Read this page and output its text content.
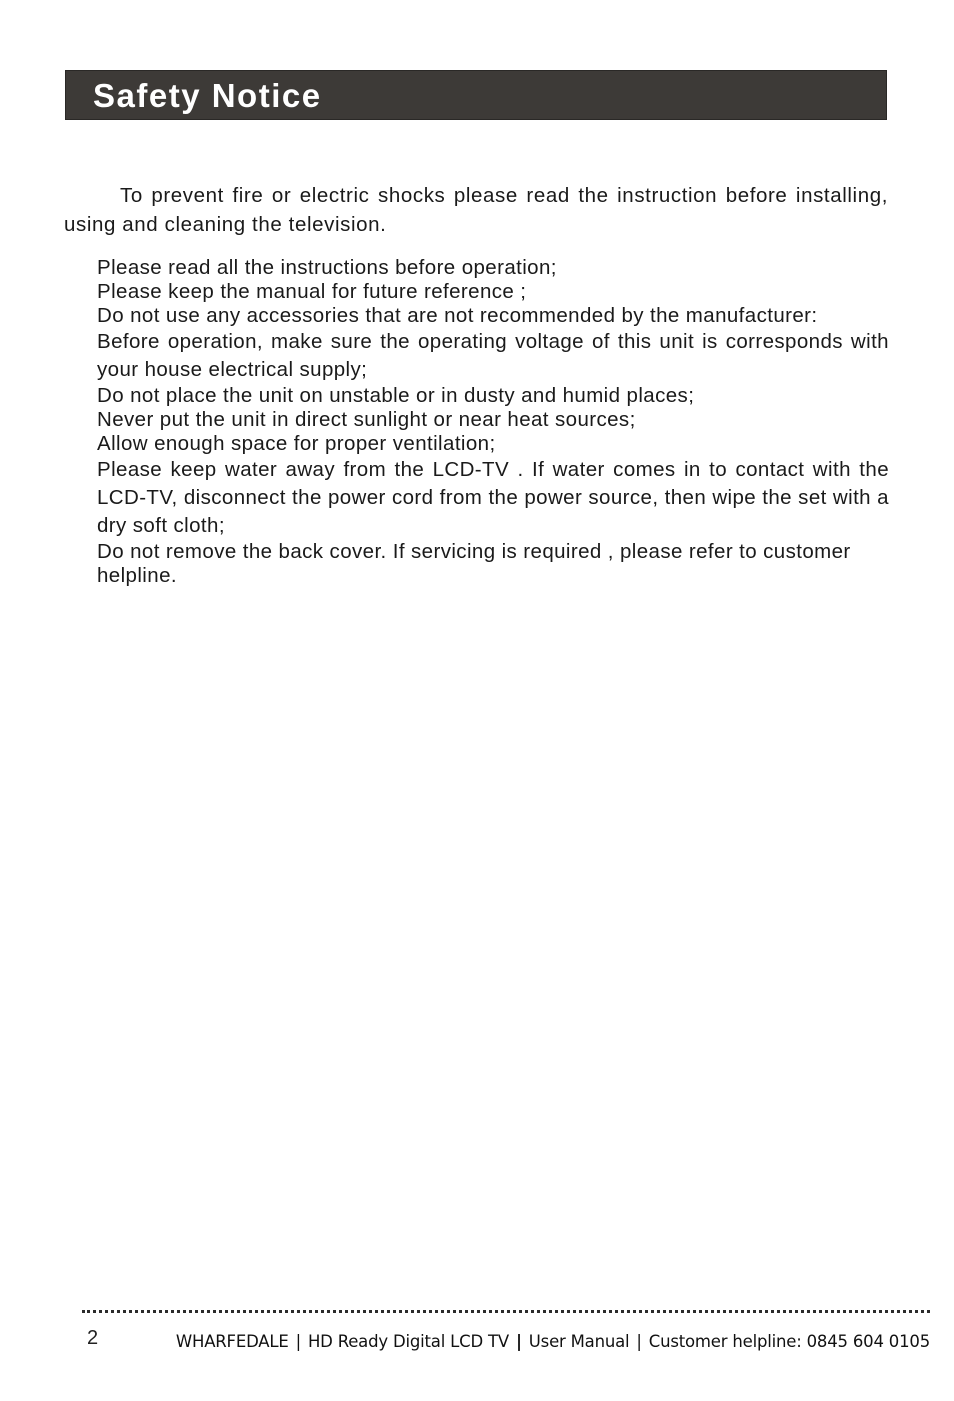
Safety Notice

To prevent fire or electric shocks please read the instruction before installing, using and cleaning the television.

Please read all the instructions before operation;
Please keep the manual for future reference ;
Do not use any accessories that are not recommended by the manufacturer:
Before operation, make sure the operating voltage of this unit is corresponds with your house electrical supply;
Do not place the unit on unstable or in dusty and humid places;
Never put the unit in direct sunlight or near heat sources;
Allow enough space for proper ventilation;
Please keep water away from the LCD-TV . If water comes in to contact with the LCD-TV, disconnect the power cord from the power source, then wipe the set with a dry soft cloth;
Do not remove the back cover. If servicing is required , please refer to customer helpline.
2	WHARFEDALE | HD Ready Digital LCD TV | User Manual | Customer helpline: 0845 604 0105
